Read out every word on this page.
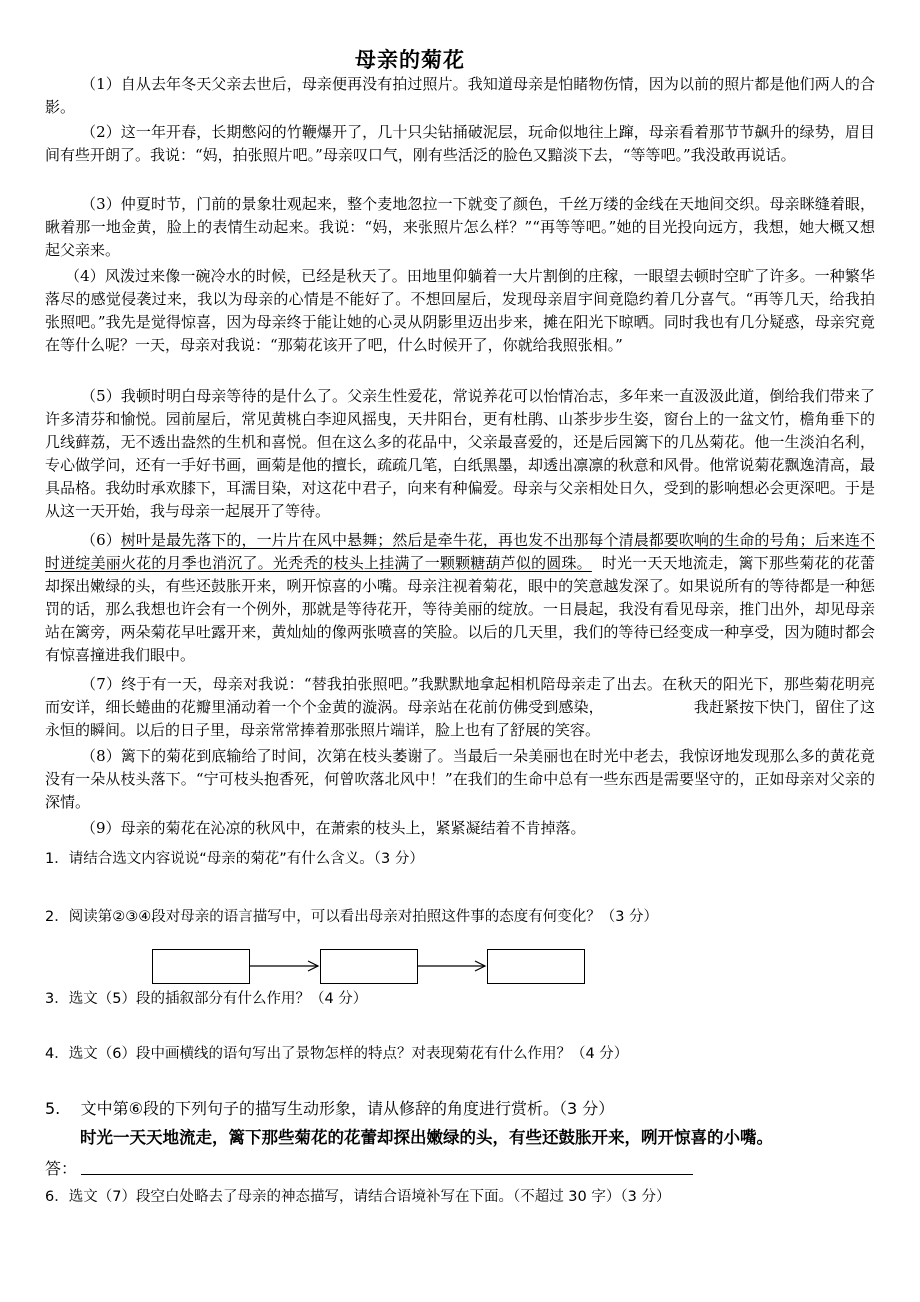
母亲的菊花

（1）自从去年冬天父亲去世后，母亲便再没有拍过照片。我知道母亲是怕睹物伤情，因为以前的照片都是他们两人的合影。

（2）这一年开春，长期憋闷的竹鞭爆开了，几十只尖钻捅破泥层，玩命似地往上蹿，母亲看着那节节飙升的绿势，眉目间有些开朗了。我说：“妈，拍张照片吧。”母亲叹口气，刚有些活泛的脸色又黯淡下去，“等等吧。”我没敢再说话。

（3）仲夏时节，门前的景象壮观起来，整个麦地忽拉一下就变了颜色，千丝万缕的金线在天地间交织。母亲眯缝着眼，瞅着那一地金黄，脸上的表情生动起来。我说：“妈，来张照片怎么样？”“再等等吧。”她的目光投向远方，我想，她大概又想起父亲来。

（4）风泼过来像一碗冷水的时候，已经是秋天了。田地里仰躺着一大片割倒的庄稼，一眼望去顿时空旷了许多。一种繁华落尽的感觉侵袭过来，我以为母亲的心情是不能好了。不想回屋后，发现母亲眉宇间竟隐约着几分喜气。“再等几天，给我拍张照吧。”我先是觉得惊喜，因为母亲终于能让她的心灵从阴影里迈出步来，摊在阳光下晾晒。同时我也有几分疑惑，母亲究竟在等什么呢？一天，母亲对我说：“那菊花该开了吧，什么时候开了，你就给我照张相。”

（5）我顿时明白母亲等待的是什么了。父亲生性爱花，常说养花可以怡情冶志，多年来一直汲汲此道，倒给我们带来了许多清芬和愉悦。园前屋后，常见黄桃白李迎风摇曳，天井阳台，更有杜鹃、山茶步步生姿，窗台上的一盆文竹，檐角垂下的几线藓荔，无不透出盎然的生机和喜悦。但在这么多的花品中，父亲最喜爱的，还是后园篱下的几丛菊花。他一生淡泊名利，专心做学问，还有一手好书画，画菊是他的擅长，疏疏几笔，白纸黑墨，却透出凛凛的秋意和风骨。他常说菊花飘逸清高，最具品格。我幼时承欢膝下，耳濡目染，对这花中君子，向来有种偏爱。母亲与父亲相处日久，受到的影响想必会更深吧。于是从这一天开始，我与母亲一起展开了等待。

（6）树叶是最先落下的，一片片在风中悬舞；然后是牵牛花，再也发不出那每个清晨都要吹响的生命的号角；后来连不时迸绽美丽火花的月季也消沉了。光秃秃的枝头上挂满了一颗颗糖葫芦似的圆珠。 时光一天天地流走，篱下那些菊花的花蕾却探出嫩绿的头，有些还鼓胀开来，咧开惊喜的小嘴。母亲注视着菊花，眼中的笑意越发深了。如果说所有的等待都是一种惩罚的话，那么我想也许会有一个例外，那就是等待花开，等待美丽的绽放。一日晨起，我没有看见母亲，推门出外，却见母亲站在篱旁，两朵菊花早吐露开来，黄灿灿的像两张喷喜的笑脸。以后的几天里，我们的等待已经变成一种享受，因为随时都会有惊喜撞进我们眼中。

（7）终于有一天，母亲对我说：“替我拍张照吧。”我默默地拿起相机陪母亲走了出去。在秋天的阳光下，那些菊花明亮而安详，细长蜷曲的花瓣里涌动着一个个金黄的漩涡。母亲站在花前仿佛受到感染，	我赶紧按下快门，留住了这永恒的瞬间。以后的日子里，母亲常常捧着那张照片端详，脸上也有了舒展的笑容。

（8）篱下的菊花到底输给了时间，次第在枝头萎谢了。当最后一朵美丽也在时光中老去，我惊讶地发现那么多的黄花竟没有一朵从枝头落下。“宁可枝头抱香死，何曾吹落北风中！”在我们的生命中总有一些东西是需要坚守的，正如母亲对父亲的深情。

（9）母亲的菊花在沁凉的秋风中，在萧索的枝头上，紧紧凝结着不肯掉落。

1．请结合选文内容说说“母亲的菊花”有什么含义。（3 分）
2．阅读第②③④段对母亲的语言描写中，可以看出母亲对拍照这件事的态度有何变化？（3 分）
3．选文（5）段的插叙部分有什么作用？（4 分）
4．选文（6）段中画横线的语句写出了景物怎样的特点？对表现菊花有什么作用？（4 分）
5.    文中第⑥段的下列句子的描写生动形象，请从修辞的角度进行赏析。（3 分）
时光一天天地流走，篱下那些菊花的花蕾却探出嫩绿的头，有些还鼓胀开来，咧开惊喜的小嘴。
答：
6．选文（7）段空白处略去了母亲的神态描写，请结合语境补写在下面。（不超过 30 字）（3 分）
